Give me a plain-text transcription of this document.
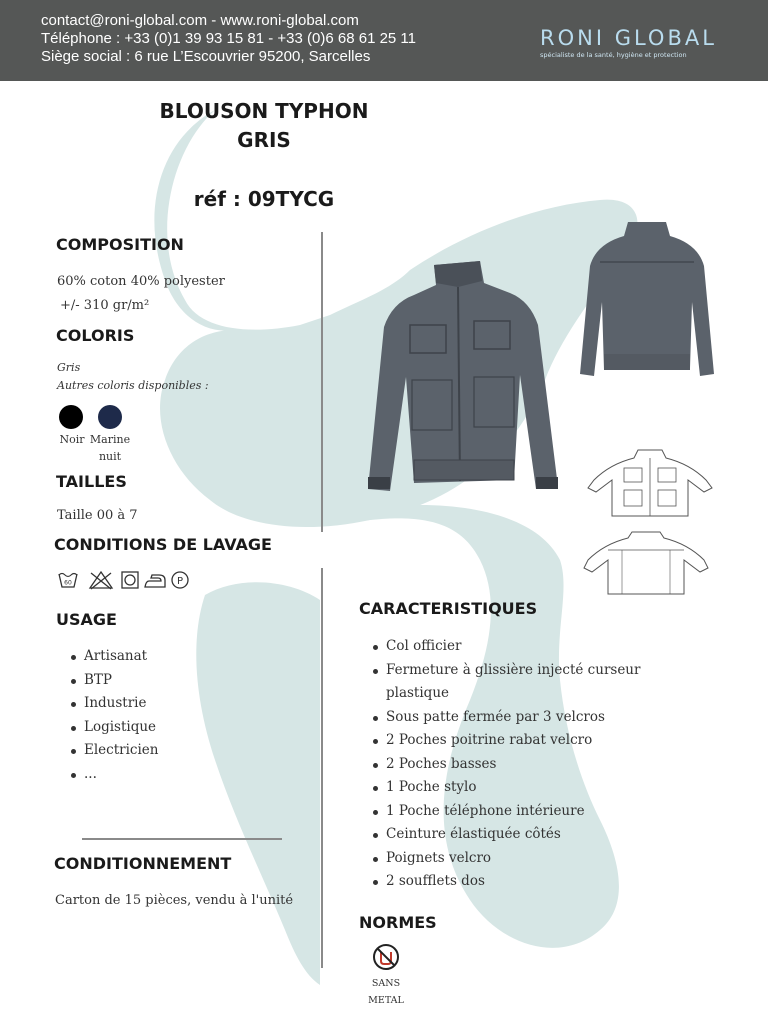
contact@roni-global.com - www.roni-global.com
Téléphone : +33 (0)1 39 93 15 81 - +33 (0)6 68 61 25 11
Siège social : 6 rue L’Escouvrier 95200, Sarcelles
RONI GLOBAL
spécialiste de la santé, hygiène et protection
BLOUSON TYPHON
GRIS
réf : 09TYCG
COMPOSITION
60% coton 40% polyester
+/- 310 gr/m²
COLORIS
Gris
Autres coloris disponibles :
Noir Marine
nuit
TAILLES
Taille 00 à 7
CONDITIONS DE LAVAGE
60	P
USAGE
Artisanat
BTP
Industrie
Logistique
Electricien
...
CONDITIONNEMENT
Carton de 15 pièces, vendu à l'unité
CARACTERISTIQUES
Col officier
Fermeture à glissière injecté curseur
plastique
Sous patte fermée par 3 velcros
2 Poches poitrine rabat velcro
2 Poches basses
1 Poche stylo
1 Poche téléphone intérieure
Ceinture élastiquée côtés
Poignets velcro
2 soufflets dos
NORMES
SANS
METAL
